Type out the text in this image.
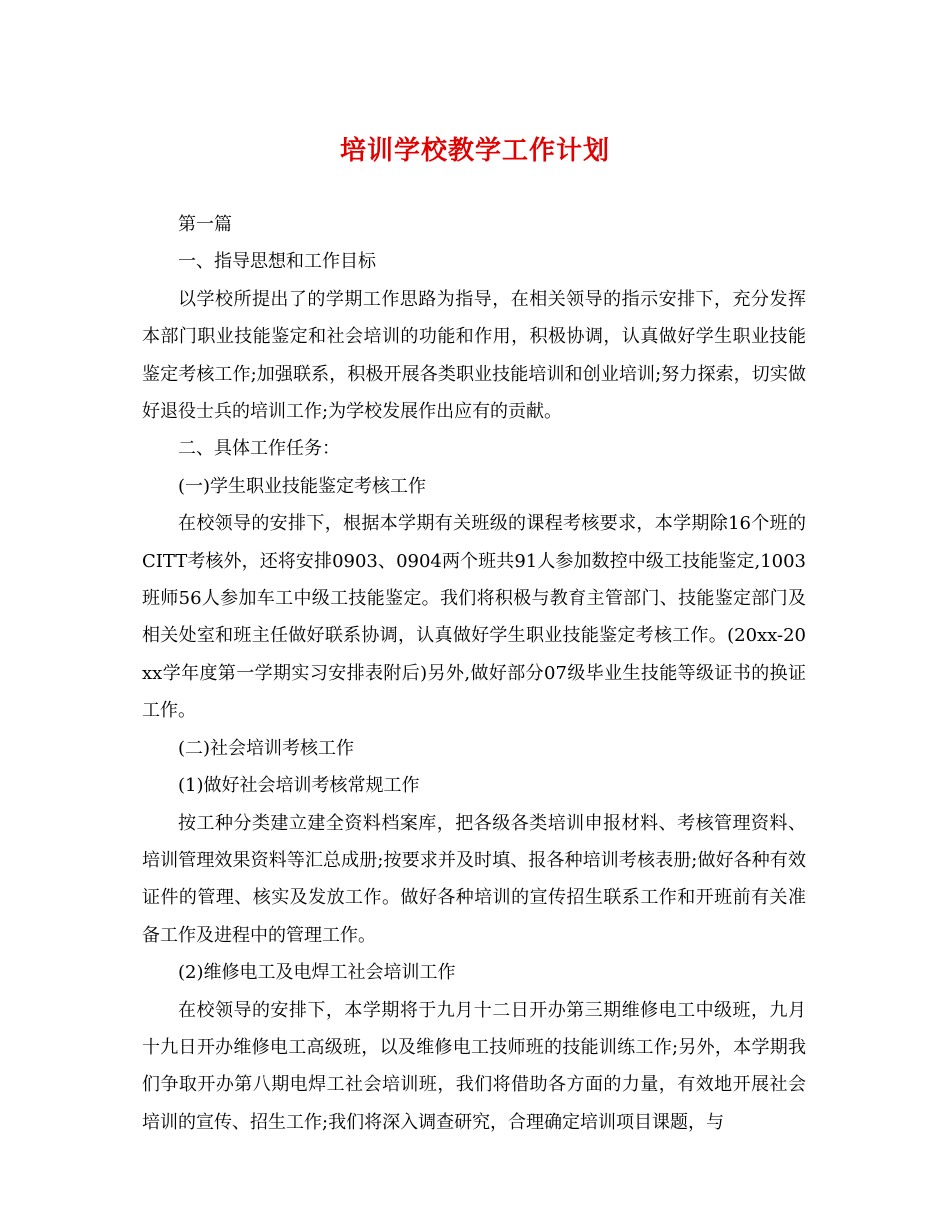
培训学校教学工作计划

第一篇

一、指导思想和工作目标

以学校所提出了的学期工作思路为指导，在相关领导的指示安排下，充分发挥本部门职业技能鉴定和社会培训的功能和作用，积极协调，认真做好学生职业技能鉴定考核工作;加强联系，积极开展各类职业技能培训和创业培训;努力探索，切实做好退役士兵的培训工作;为学校发展作出应有的贡献。

二、具体工作任务：

(一)学生职业技能鉴定考核工作

在校领导的安排下，根据本学期有关班级的课程考核要求，本学期除16个班的CITT考核外，还将安排0903、0904两个班共91人参加数控中级工技能鉴定,1003班师56人参加车工中级工技能鉴定。我们将积极与教育主管部门、技能鉴定部门及相关处室和班主任做好联系协调，认真做好学生职业技能鉴定考核工作。(20xx-20xx学年度第一学期实习安排表附后)另外,做好部分07级毕业生技能等级证书的换证工作。

(二)社会培训考核工作

(1)做好社会培训考核常规工作

按工种分类建立建全资料档案库，把各级各类培训申报材料、考核管理资料、培训管理效果资料等汇总成册;按要求并及时填、报各种培训考核表册;做好各种有效证件的管理、核实及发放工作。做好各种培训的宣传招生联系工作和开班前有关准备工作及进程中的管理工作。

(2)维修电工及电焊工社会培训工作

在校领导的安排下，本学期将于九月十二日开办第三期维修电工中级班，九月十九日开办维修电工高级班，以及维修电工技师班的技能训练工作;另外，本学期我们争取开办第八期电焊工社会培训班，我们将借助各方面的力量，有效地开展社会培训的宣传、招生工作;我们将深入调查研究，合理确定培训项目课题，与
